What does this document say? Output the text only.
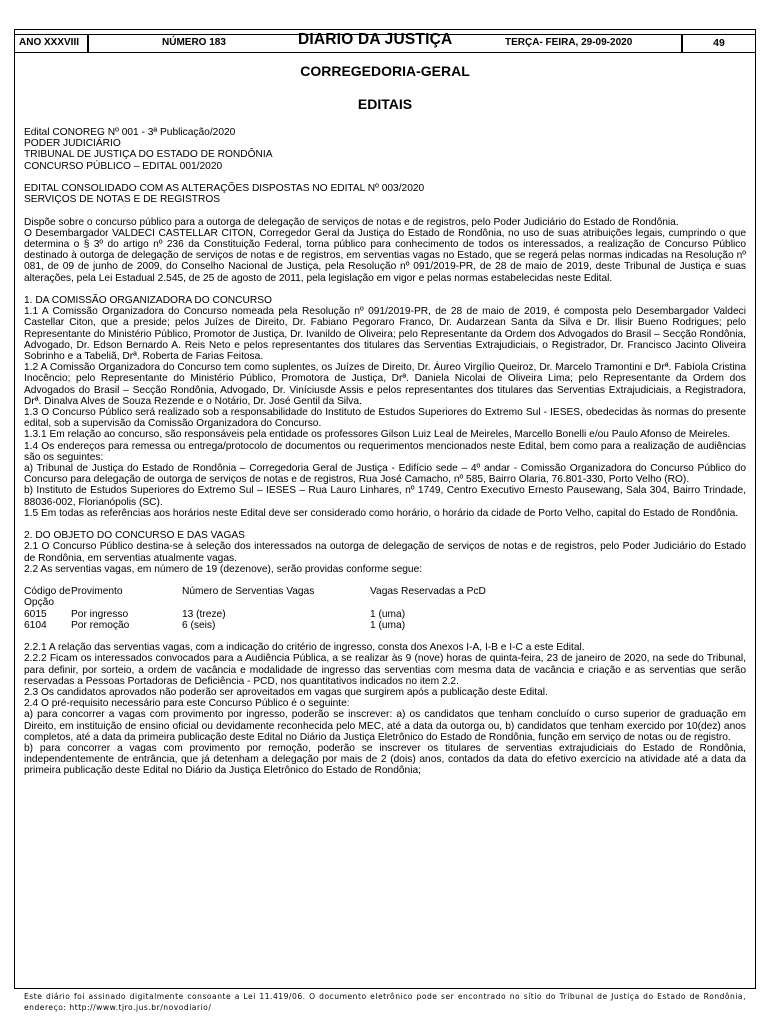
ANO XXXVIII	NÚMERO 183	DIARIO DA JUSTIÇA	TERÇA- FEIRA, 29-09-2020	49
CORREGEDORIA-GERAL
EDITAIS

Edital CONOREG Nº 001 - 3ª Publicação/2020

PODER JUDICIÁRIO

TRIBUNAL DE JUSTIÇA DO ESTADO DE RONDÔNIA

CONCURSO PÚBLICO – EDITAL 001/2020

EDITAL CONSOLIDADO COM AS ALTERAÇÕES DISPOSTAS NO EDITAL Nº 003/2020

SERVIÇOS DE NOTAS E DE REGISTROS

Dispõe sobre o concurso público para a outorga de delegação de serviços de notas e de registros, pelo Poder Judiciário do Estado de Rondônia.

O Desembargador VALDECI CASTELLAR CITON, Corregedor Geral da Justiça do Estado de Rondônia, no uso de suas atribuições legais, cumprindo o que determina o § 3º do artigo nº 236 da Constituição Federal, torna público para conhecimento de todos os interessados, a realização de Concurso Público destinado à outorga de delegação de serviços de notas e de registros, em serventias vagas no Estado, que se regerá pelas normas indicadas na Resolução nº 081, de 09 de junho de 2009, do Conselho Nacional de Justiça, pela Resolução nº 091/2019-PR, de 28 de maio de 2019, deste Tribunal de Justiça e suas alterações, pela Lei Estadual 2.545, de 25 de agosto de 2011, pela legislação em vigor e pelas normas estabelecidas neste Edital.

1. DA COMISSÃO ORGANIZADORA DO CONCURSO

1.1 A Comissão Organizadora do Concurso nomeada pela Resolução nº 091/2019-PR, de 28 de maio de 2019, é composta pelo Desembargador Valdeci Castellar Citon, que a preside; pelos Juízes de Direito, Dr. Fabiano Pegoraro Franco, Dr. Audarzean Santa da Silva e Dr. Ilisir Bueno Rodrigues; pelo Representante do Ministério Público, Promotor de Justiça, Dr. Ivanildo de Oliveira; pelo Representante da Ordem dos Advogados do Brasil – Secção Rondônia, Advogado, Dr. Edson Bernardo A. Reis Neto e pelos representantes dos titulares das Serventias Extrajudiciais, o Registrador, Dr. Francisco Jacinto Oliveira Sobrinho e a Tabeliã, Drª. Roberta de Farias Feitosa.

1.2 A Comissão Organizadora do Concurso tem como suplentes, os Juízes de Direito, Dr. Áureo Virgílio Queiroz, Dr. Marcelo Tramontini e Drª. Fabíola Cristina Inocêncio; pelo Representante do Ministério Público, Promotora de Justiça, Drª. Daniela Nicolai de Oliveira Lima; pelo Representante da Ordem dos Advogados do Brasil – Secção Rondônia, Advogado, Dr. Viníciusde Assis e pelos representantes dos titulares das Serventias Extrajudiciais, a Registradora, Drª. Dinalva Alves de Souza Rezende e o Notário, Dr. José Gentil da Silva.

1.3 O Concurso Público será realizado sob a responsabilidade do Instituto de Estudos Superiores do Extremo Sul - IESES, obedecidas às normas do presente edital, sob a supervisão da Comissão Organizadora do Concurso.

1.3.1 Em relação ao concurso, são responsáveis pela entidade os professores Gilson Luiz Leal de Meireles, Marcello Bonelli e/ou Paulo Afonso de Meireles.

1.4 Os endereços para remessa ou entrega/protocolo de documentos ou requerimentos mencionados neste Edital, bem como para a realização de audiências são os seguintes:

a) Tribunal de Justiça do Estado de Rondônia – Corregedoria Geral de Justiça - Edifício sede – 4º andar - Comissão Organizadora do Concurso Público do Concurso para delegação de outorga de serviços de notas e de registros, Rua José Camacho, nº 585, Bairro Olaria, 76.801-330, Porto Velho (RO).

b) Instituto de Estudos Superiores do Extremo Sul – IESES – Rua Lauro Linhares, nº 1749, Centro Executivo Ernesto Pausewang, Sala 304, Bairro Trindade, 88036-002, Florianópolis (SC).

1.5 Em todas as referências aos horários neste Edital deve ser considerado como horário, o horário da cidade de Porto Velho, capital do Estado de Rondônia.

2. DO OBJETO DO CONCURSO E DAS VAGAS

2.1 O Concurso Público destina-se à seleção dos interessados na outorga de delegação de serviços de notas e de registros, pelo Poder Judiciário do Estado de Rondônia, em serventias atualmente vagas.

2.2 As serventias vagas, em número de 19 (dezenove), serão providas conforme segue:

Código de Opção	Provimento	Número de Serventias Vagas	Vagas Reservadas a PcD
6015	Por ingresso	13 (treze)	1 (uma)
6104	Por remoção	6 (seis)	1 (uma)

2.2.1 A relação das serventias vagas, com a indicação do critério de ingresso, consta dos Anexos I-A, I-B e I-C a este Edital.

2.2.2 Ficam os interessados convocados para a Audiência Pública, a se realizar às 9 (nove) horas de quinta-feira, 23 de janeiro de 2020, na sede do Tribunal, para definir, por sorteio, a ordem de vacância e modalidade de ingresso das serventias com mesma data de vacância e criação e as serventias que serão reservadas a Pessoas Portadoras de Deficiência - PCD, nos quantitativos indicados no item 2.2.

2.3 Os candidatos aprovados não poderão ser aproveitados em vagas que surgirem após a publicação deste Edital.

2.4 O pré-requisito necessário para este Concurso Público é o seguinte:

a) para concorrer a vagas com provimento por ingresso, poderão se inscrever: a) os candidatos que tenham concluído o curso superior de graduação em Direito, em instituição de ensino oficial ou devidamente reconhecida pelo MEC, até a data da outorga ou, b) candidatos que tenham exercido por 10(dez) anos completos, até a data da primeira publicação deste Edital no Diário da Justiça Eletrônico do Estado de Rondônia, função em serviço de notas ou de registro.

b) para concorrer a vagas com provimento por remoção, poderão se inscrever os titulares de serventias extrajudiciais do Estado de Rondônia, independentemente de entrância, que já detenham a delegação por mais de 2 (dois) anos, contados da data do efetivo exercício na atividade até a data da primeira publicação deste Edital no Diário da Justiça Eletrônico do Estado de Rondônia;

Este diário foi assinado digitalmente consoante a Lei 11.419/06. O documento eletrônico pode ser encontrado no sítio do Tribunal de Justiça do Estado de Rondônia, endereço: http://www.tjro.jus.br/novodiario/
